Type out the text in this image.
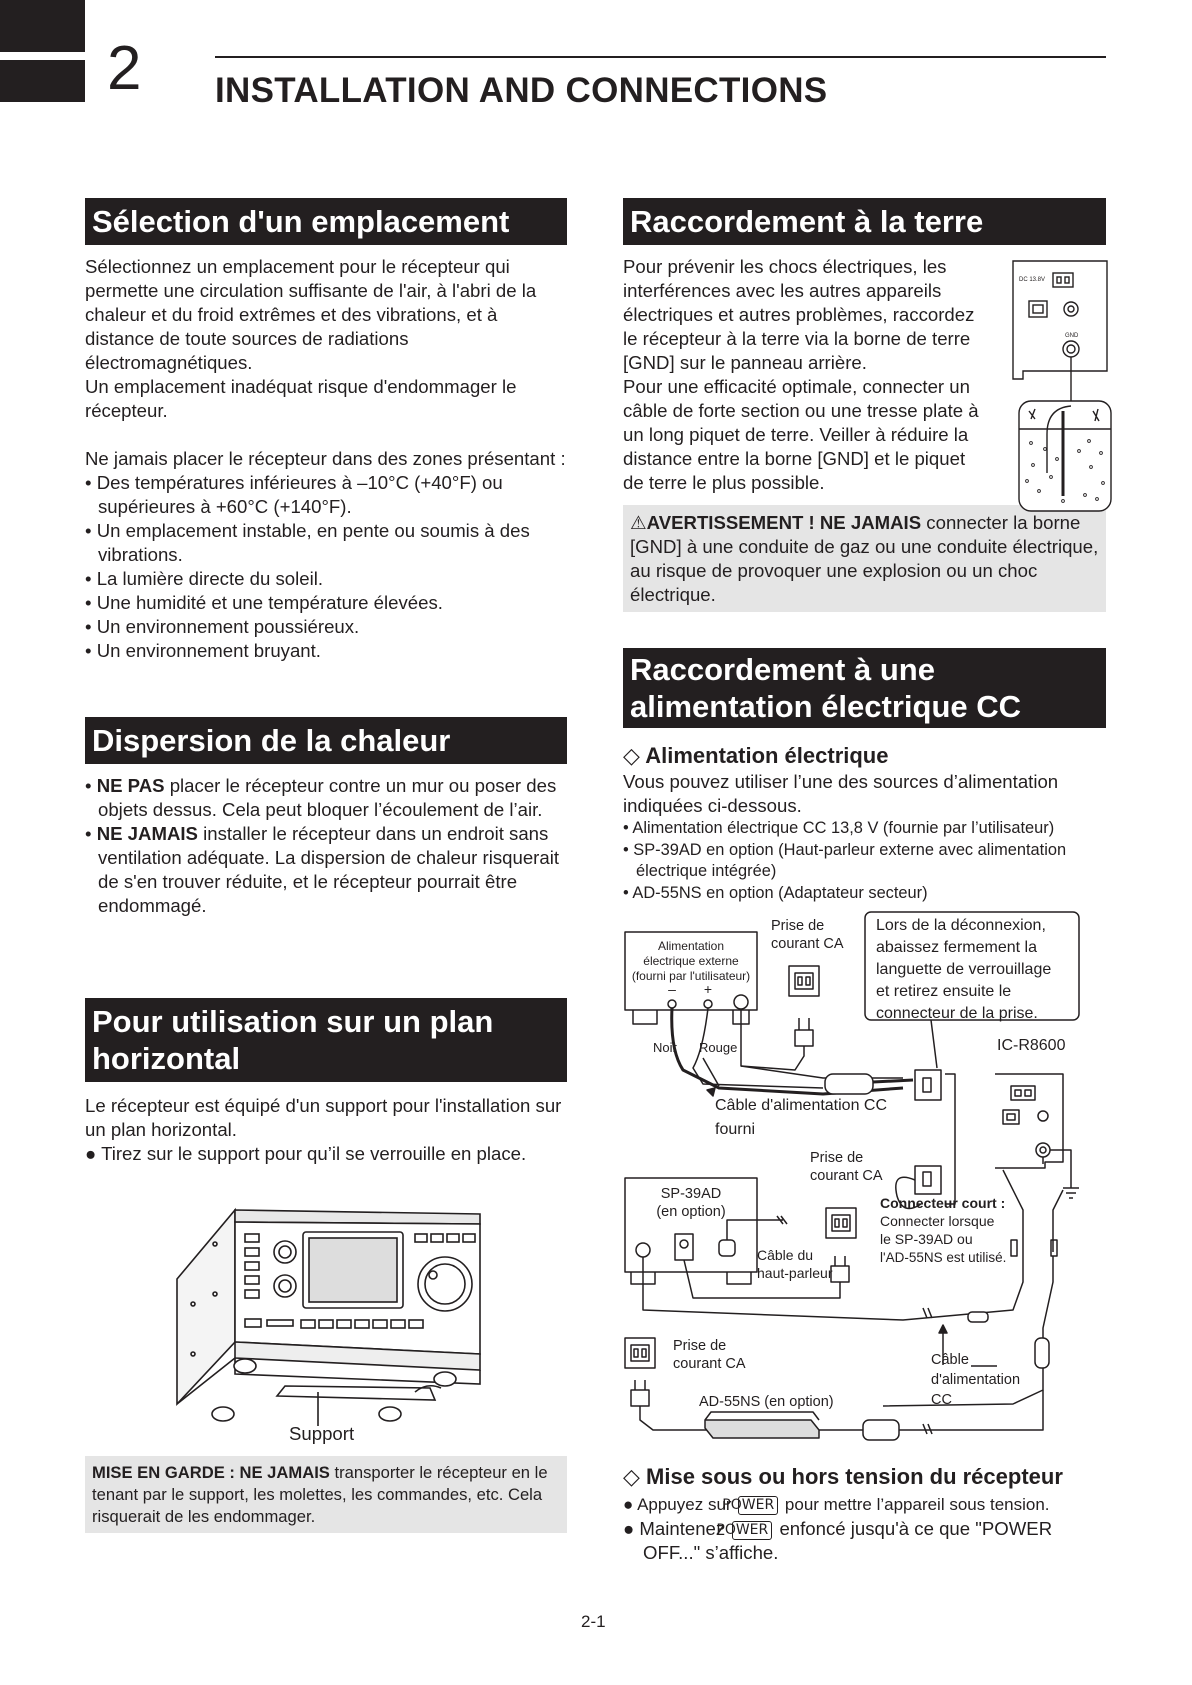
2 INSTALLATION AND CONNECTIONS
Sélection d'un emplacement

Sélectionnez un emplacement pour le récepteur qui permette une circulation suffisante de l'air, à l'abri de la chaleur et du froid extrêmes et des vibrations, et à distance de toute sources de radiations électromagnétiques.

Un emplacement inadéquat risque d'endommager le récepteur.

Ne jamais placer le récepteur dans des zones présentant :

• Des températures inférieures à –10°C (+40°F) ou supérieures à +60°C (+140°F).
• Un emplacement instable, en pente ou soumis à des vibrations.
• La lumière directe du soleil.
• Une humidité et une température élevées.
• Un environnement poussiéreux.
• Un environnement bruyant.
Dispersion de la chaleur
• NE PAS placer le récepteur contre un mur ou poser des objets dessus. Cela peut bloquer l’écoulement de l’air.
• NE JAMAIS installer le récepteur dans un endroit sans ventilation adéquate. La dispersion de chaleur risquerait de s'en trouver réduite, et le récepteur pourrait être endommagé.
Pour utilisation sur un plan horizontal

Le récepteur est équipé d'un support pour l'installation sur un plan horizontal.

● Tirez sur le support pour qu’il se verrouille en place.
Support
MISE EN GARDE : NE JAMAIS transporter le récepteur en le tenant par le support, les molettes, les commandes, etc. Cela risquerait de les endommager.
Raccordement à la terre

Pour prévenir les chocs électriques, les interférences avec les autres appareils électriques et autres problèmes, raccordez le récepteur à la terre via la borne de terre [GND] sur le panneau arrière.

Pour une efficacité optimale, connecter un câble de forte section ou une tresse plate à un long piquet de terre. Veiller à réduire la distance entre la borne [GND] et le piquet de terre le plus possible.

DC 13.8V
GND
⚠AVERTISSEMENT ! NE JAMAIS connecter la borne [GND] à une conduite de gaz ou une conduite électrique, au risque de provoquer une explosion ou un choc électrique.
Raccordement à une alimentation électrique CC
◇ Alimentation électrique

Vous pouvez utiliser l’une des sources d’alimentation indiquées ci-dessous.

• Alimentation électrique CC 13,8 V (fournie par l’utilisateur)
• SP-39AD en option (Haut-parleur externe avec alimentation électrique intégrée)
• AD-55NS en option (Adaptateur secteur)
Alimentation
électrique externe
(fourni par l'utilisateur)
– +
Prise de
courant CA
Lors de la déconnexion,
abaissez fermement la
languette de verrouillage
et retirez ensuite le
connecteur de la prise.
Noir Rouge	IC-R8600
Câble d'alimentation CC
fourni
Prise de
courant CA
SP-39AD
(en option)
Connecteur court :
Connecter lorsque
le SP-39AD ou
l'AD-55NS est utilisé.
Câble du
haut-parleur
Prise de
courant CA	Câble
d'alimentation
CC
AD-55NS (en option)
◇ Mise sous ou hors tension du récepteur
● Appuyez sur POWER pour mettre l’appareil sous tension.
● Maintenez POWER enfoncé jusqu'à ce que "POWER OFF..." s’affiche.
2-1
